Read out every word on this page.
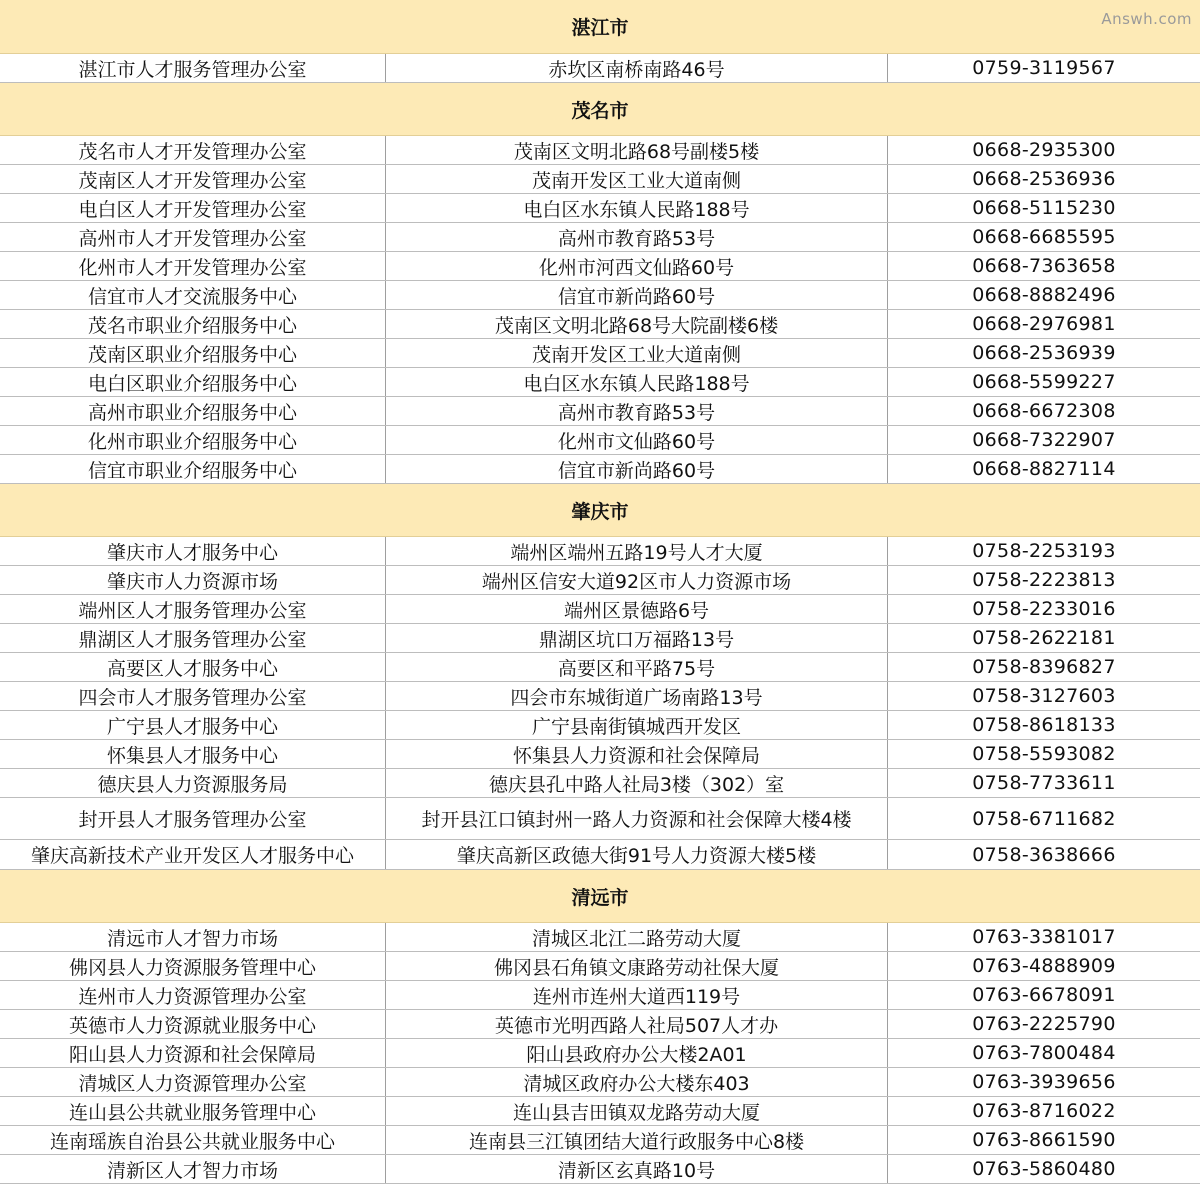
湛江市
湛江市人才服务管理办公室	赤坎区南桥南路46号	0759-3119567
茂名市
茂名市人才开发管理办公室	茂南区文明北路68号副楼5楼	0668-2935300
茂南区人才开发管理办公室	茂南开发区工业大道南侧	0668-2536936
电白区人才开发管理办公室	电白区水东镇人民路188号	0668-5115230
高州市人才开发管理办公室	高州市教育路53号	0668-6685595
化州市人才开发管理办公室	化州市河西文仙路60号	0668-7363658
信宜市人才交流服务中心	信宜市新尚路60号	0668-8882496
茂名市职业介绍服务中心	茂南区文明北路68号大院副楼6楼	0668-2976981
茂南区职业介绍服务中心	茂南开发区工业大道南侧	0668-2536939
电白区职业介绍服务中心	电白区水东镇人民路188号	0668-5599227
高州市职业介绍服务中心	高州市教育路53号	0668-6672308
化州市职业介绍服务中心	化州市文仙路60号	0668-7322907
信宜市职业介绍服务中心	信宜市新尚路60号	0668-8827114
肇庆市
肇庆市人才服务中心	端州区端州五路19号人才大厦	0758-2253193
肇庆市人力资源市场	端州区信安大道92区市人力资源市场	0758-2223813
端州区人才服务管理办公室	端州区景德路6号	0758-2233016
鼎湖区人才服务管理办公室	鼎湖区坑口万福路13号	0758-2622181
高要区人才服务中心	高要区和平路75号	0758-8396827
四会市人才服务管理办公室	四会市东城街道广场南路13号	0758-3127603
广宁县人才服务中心	广宁县南街镇城西开发区	0758-8618133
怀集县人才服务中心	怀集县人力资源和社会保障局	0758-5593082
德庆县人力资源服务局	德庆县孔中路人社局3楼（302）室	0758-7733611
封开县人才服务管理办公室	封开县江口镇封州一路人力资源和社会保障大楼4楼	0758-6711682
肇庆高新技术产业开发区人才服务中心	肇庆高新区政德大街91号人力资源大楼5楼	0758-3638666
清远市
清远市人才智力市场	清城区北江二路劳动大厦	0763-3381017
佛冈县人力资源服务管理中心	佛冈县石角镇文康路劳动社保大厦	0763-4888909
连州市人力资源管理办公室	连州市连州大道西119号	0763-6678091
英德市人力资源就业服务中心	英德市光明西路人社局507人才办	0763-2225790
阳山县人力资源和社会保障局	阳山县政府办公大楼2A01	0763-7800484
清城区人力资源管理办公室	清城区政府办公大楼东403	0763-3939656
连山县公共就业服务管理中心	连山县吉田镇双龙路劳动大厦	0763-8716022
连南瑶族自治县公共就业服务中心	连南县三江镇团结大道行政服务中心8楼	0763-8661590
清新区人才智力市场	清新区玄真路10号	0763-5860480
Answh.com
